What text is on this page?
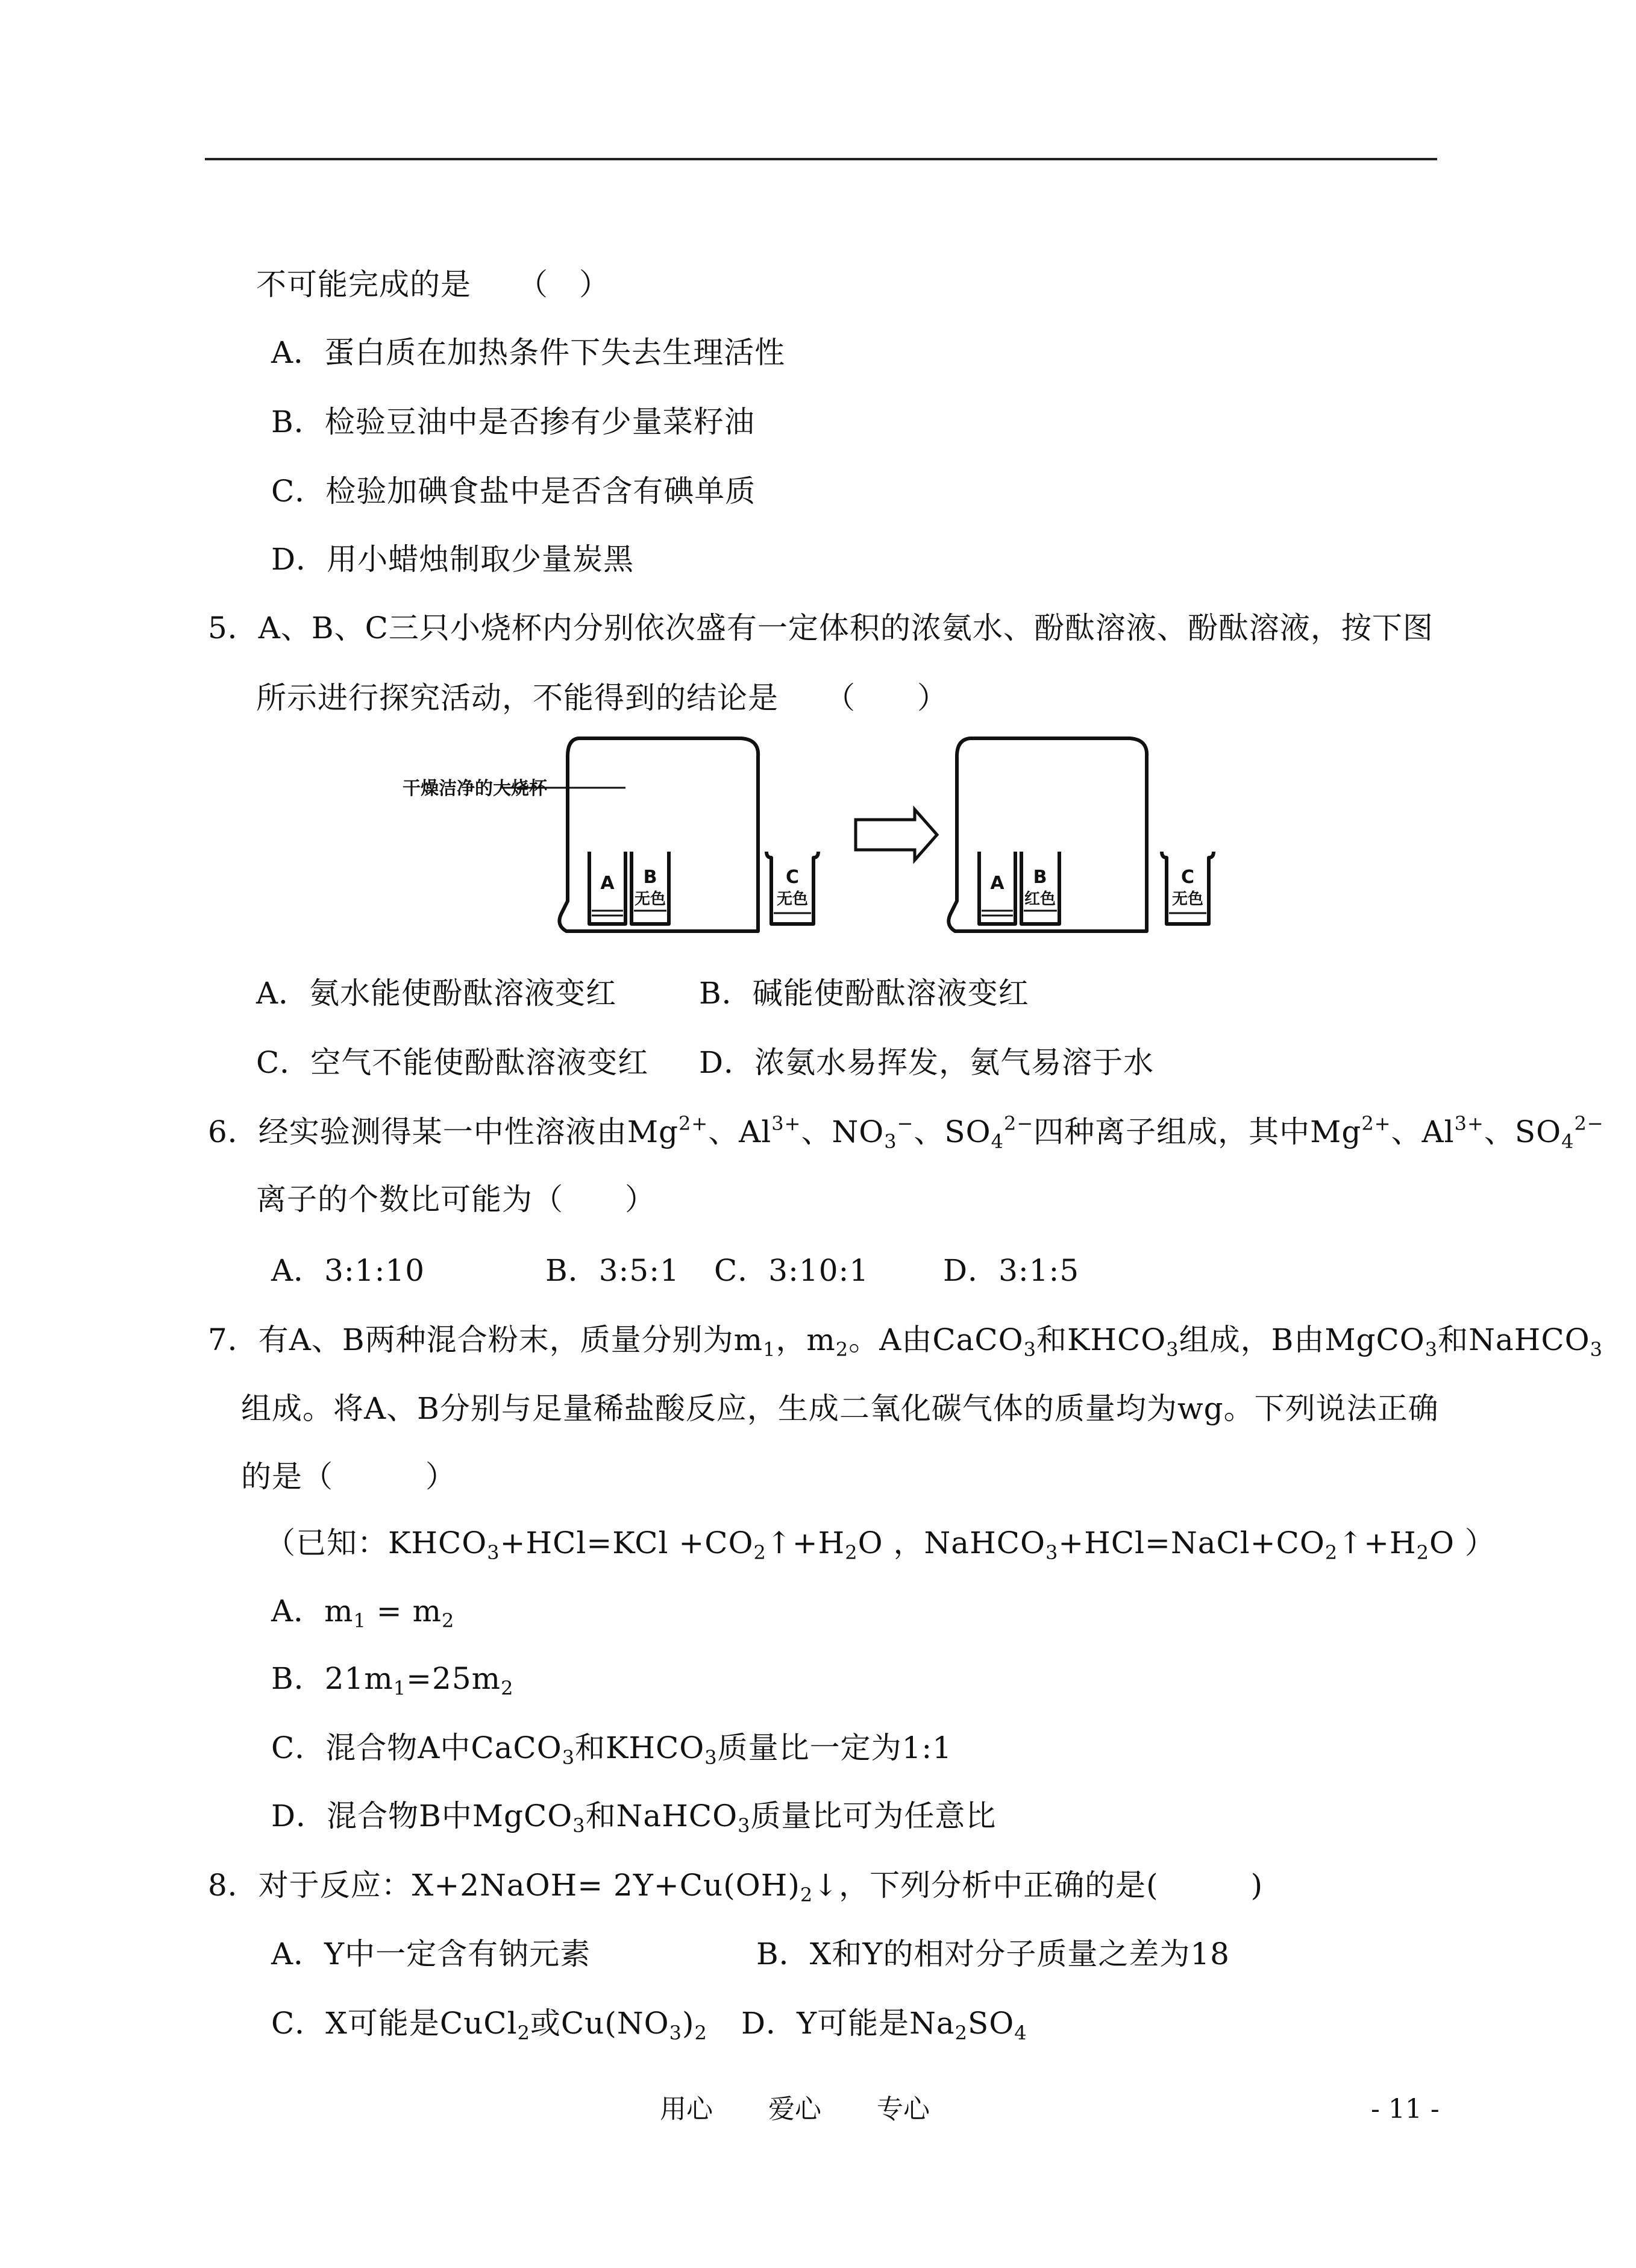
不可能完成的是　　（　）
A．蛋白质在加热条件下失去生理活性
B．检验豆油中是否掺有少量菜籽油
C．检验加碘食盐中是否含有碘单质
D．用小蜡烛制取少量炭黑
5．A、B、C三只小烧杯内分别依次盛有一定体积的浓氨水、酚酞溶液、酚酞溶液，按下图
所示进行探究活动，不能得到的结论是　　（　　）
干燥洁净的大烧杯
A B
无色
C
无色
A B
红色
C
无色
A．氨水能使酚酞溶液变红	B．碱能使酚酞溶液变红
C．空气不能使酚酞溶液变红 D．浓氨水易挥发，氨气易溶于水
6．经实验测得某一中性溶液由$Mg^{2+}$、$Al^{3+}$、$NO_3^-$、$SO_4^{2-}$四种离子组成，其中$Mg^{2+}$、$Al^{3+}$、$SO_4^{2-}$
离子的个数比可能为（　　）
A．3:1:10	B．3:5:1 C．3:10:1 D．3:1:5
7．有A、B两种混合粉末，质量分别为$m_1$，$m_2$。A由CaCO$_3$和$KHCO_3$组成，B由MgCO$_3$和NaHCO$_3$
组成。将A、B分别与足量稀盐酸反应，生成二氧化碳气体的质量均为wg。下列说法正确
的是（　　　）
（已知：$KHCO_3+HCl=KCl$ $+CO_2↑+H_2O$ ，$NaHCO_3+HCl=NaCl+CO_2↑+H_2O$ ）
A．$m_1 = m_2$
B．$21m_1=25m_2$
C．混合物A中CaCO$_3$和$KHCO_3$质量比一定为1:1
D．混合物B中MgCO$_3$和NaHCO$_3$质量比可为任意比
8．对于反应：X+2NaOH= $2Y+Cu(OH)_2↓$，下列分析中正确的是(　　　)
A．Y中一定含有钠元素	B．X和Y的相对分子质量之差为18
C．X可能是CuCl$_2$或$Cu(NO_3)_2$ D．Y可能是$Na_2SO_4$
用心 爱心 专心	- 11 -
